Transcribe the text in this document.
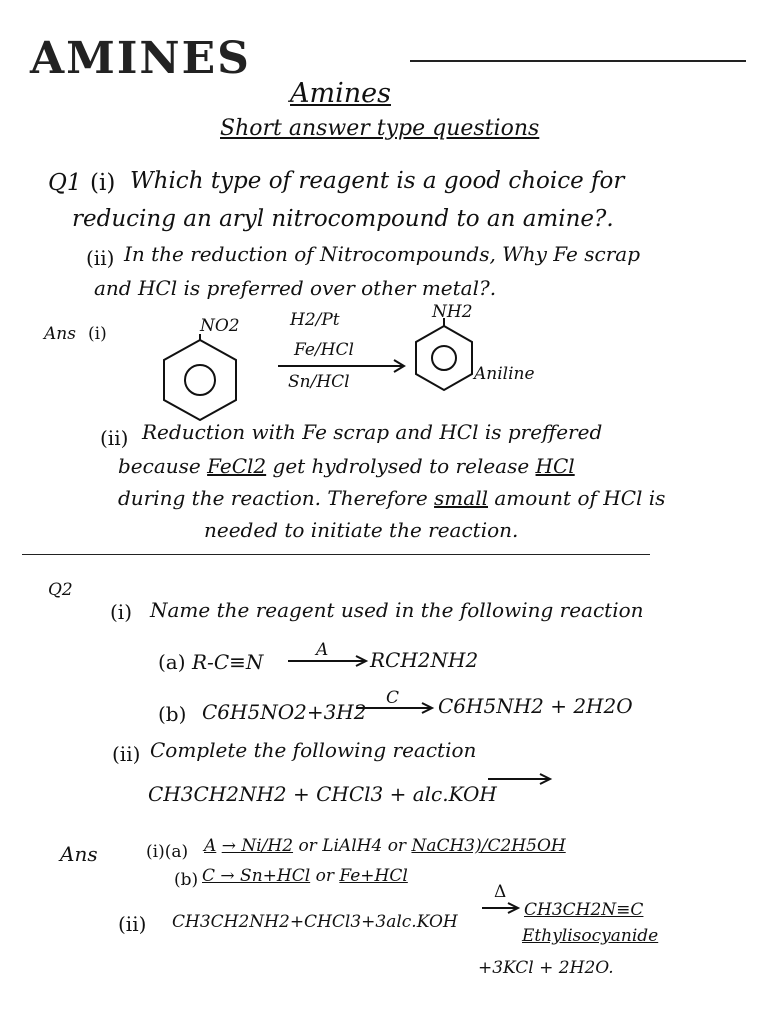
AMINES
Amines
Short answer type questions
Q1 (i) Which type of reagent is a good choice for
reducing an aryl nitrocompound to an amine?.
(ii) In the reduction of Nitrocompounds, Why Fe scrap
and HCl is preferred over other metal?.
Ans (i)	NO2
NH2
H2/Pt
Fe/HCl
Sn/HCl	Aniline
(ii) Reduction with Fe scrap and HCl is preffered
because FeCl2 get hydrolysed to release HCl
during the reaction. Therefore small amount of HCl is
needed to initiate the reaction.
Q2
(i) Name the reagent used in the following reaction
(a) R-C≡N	A RCH2NH2
(b) C6H5NO2+3H2
C C6H5NH2 + 2H2O
(ii) Complete the following reaction
CH3CH2NH2 + CHCl3 + alc.KOH
Ans	(i)(a) A → Ni/H2 or LiAlH4 or NaCH3)/C2H5OH
(b) C → Sn+HCl or Fe+HCl
(ii) CH3CH2NH2+CHCl3+3alc.KOH
Δ
CH3CH2N≡C
Ethylisocyanide
+3KCl + 2H2O.
